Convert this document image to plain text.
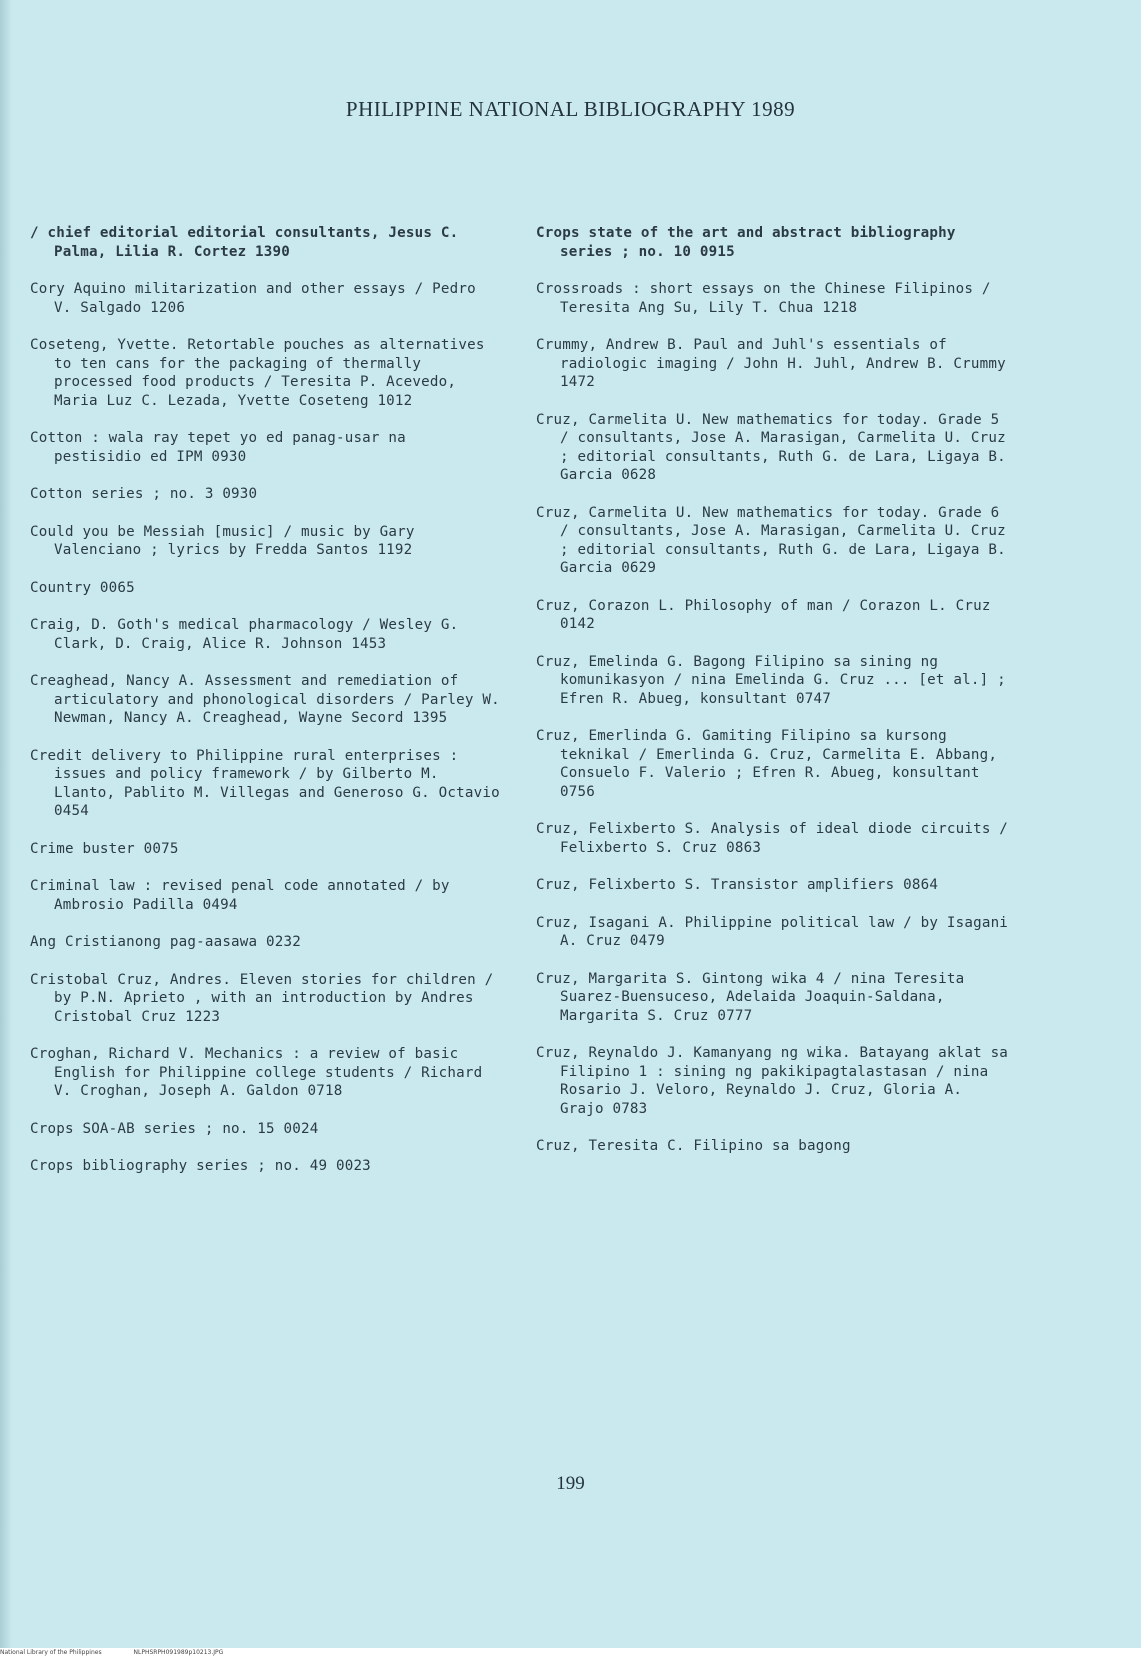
PHILIPPINE NATIONAL BIBLIOGRAPHY 1989
/ chief editorial editorial consultants, Jesus C. Palma, Lilia R. Cortez 1390
Cory Aquino militarization and other essays / Pedro V. Salgado 1206
Coseteng, Yvette. Retortable pouches as alternatives to ten cans for the packaging of thermally processed food products / Teresita P. Acevedo, Maria Luz C. Lezada, Yvette Coseteng 1012
Cotton : wala ray tepet yo ed panag-usar na pestisidio ed IPM 0930
Cotton series ; no. 3 0930
Could you be Messiah [music] / music by Gary Valenciano ; lyrics by Fredda Santos 1192
Country 0065
Craig, D. Goth's medical pharmacology / Wesley G. Clark, D. Craig, Alice R. Johnson 1453
Creaghead, Nancy A. Assessment and remediation of articulatory and phonological disorders / Parley W. Newman, Nancy A. Creaghead, Wayne Secord 1395
Credit delivery to Philippine rural enterprises : issues and policy framework / by Gilberto M. Llanto, Pablito M. Villegas and Generoso G. Octavio 0454
Crime buster 0075
Criminal law : revised penal code annotated / by Ambrosio Padilla 0494
Ang Cristianong pag-aasawa 0232
Cristobal Cruz, Andres. Eleven stories for children / by P.N. Aprieto , with an introduction by Andres Cristobal Cruz 1223
Croghan, Richard V. Mechanics : a review of basic English for Philippine college students / Richard V. Croghan, Joseph A. Galdon 0718
Crops SOA-AB series ; no. 15 0024
Crops bibliography series ; no. 49 0023
Crops state of the art and abstract bibliography series ; no. 10 0915
Crossroads : short essays on the Chinese Filipinos / Teresita Ang Su, Lily T. Chua 1218
Crummy, Andrew B. Paul and Juhl's essentials of radiologic imaging / John H. Juhl, Andrew B. Crummy 1472
Cruz, Carmelita U. New mathematics for today. Grade 5 / consultants, Jose A. Marasigan, Carmelita U. Cruz ; editorial consultants, Ruth G. de Lara, Ligaya B. Garcia 0628
Cruz, Carmelita U. New mathematics for today. Grade 6 / consultants, Jose A. Marasigan, Carmelita U. Cruz ; editorial consultants, Ruth G. de Lara, Ligaya B. Garcia 0629
Cruz, Corazon L. Philosophy of man / Corazon L. Cruz 0142
Cruz, Emelinda G. Bagong Filipino sa sining ng komunikasyon / nina Emelinda G. Cruz ... [et al.] ; Efren R. Abueg, konsultant 0747
Cruz, Emerlinda G. Gamiting Filipino sa kursong teknikal / Emerlinda G. Cruz, Carmelita E. Abbang, Consuelo F. Valerio ; Efren R. Abueg, konsultant 0756
Cruz, Felixberto S. Analysis of ideal diode circuits / Felixberto S. Cruz 0863
Cruz, Felixberto S. Transistor amplifiers 0864
Cruz, Isagani A. Philippine political law / by Isagani A. Cruz 0479
Cruz, Margarita S. Gintong wika 4 / nina Teresita Suarez-Buensuceso, Adelaida Joaquin-Saldana, Margarita S. Cruz 0777
Cruz, Reynaldo J. Kamanyang ng wika. Batayang aklat sa Filipino 1 : sining ng pakikipagtalastasan / nina Rosario J. Veloro, Reynaldo J. Cruz, Gloria A. Grajo 0783
Cruz, Teresita C. Filipino sa bagong
199
National Library of the Philippines	NLPHSRPH091989p10213.JPG
